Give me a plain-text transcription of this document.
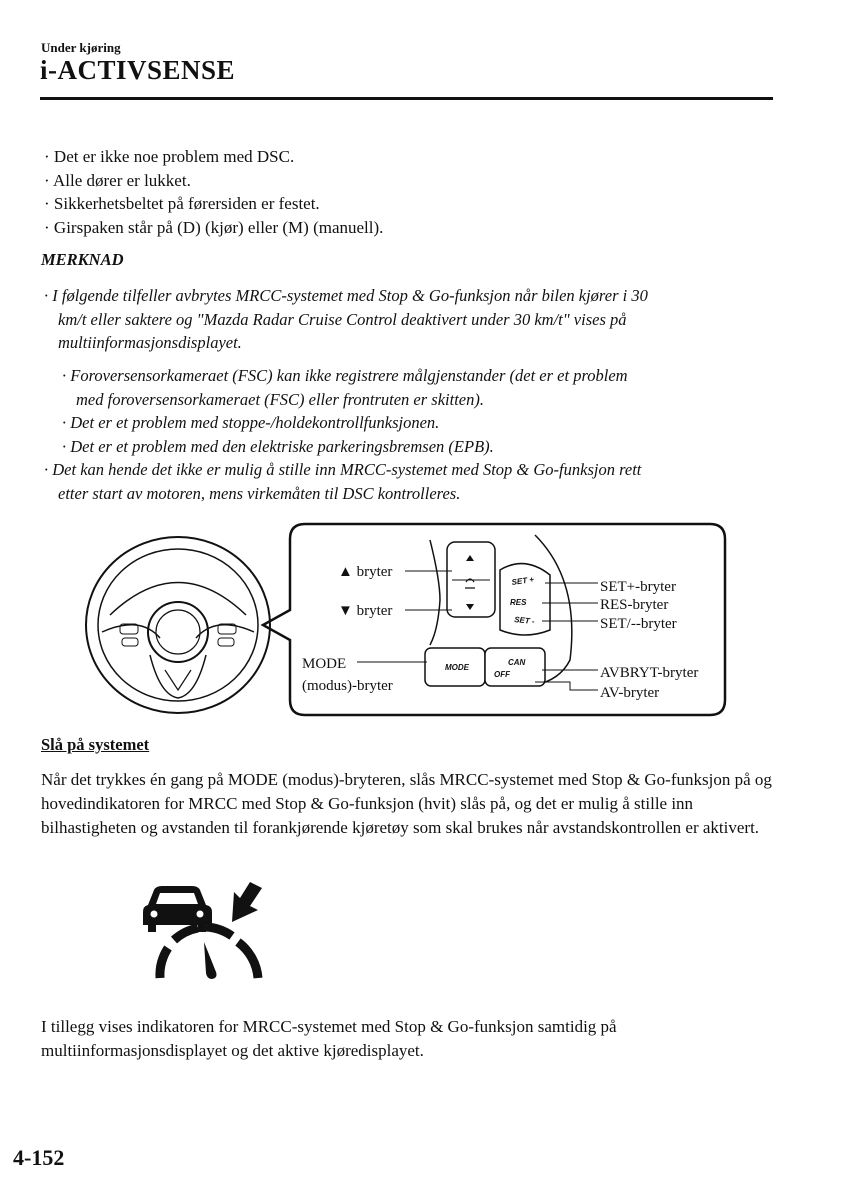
Under kjøring
i-ACTIVSENSE
· Det er ikke noe problem med DSC.
· Alle dører er lukket.
· Sikkerhetsbeltet på førersiden er festet.
· Girspaken står på (D) (kjør) eller (M) (manuell).
MERKNAD
· I følgende tilfeller avbrytes MRCC-systemet med Stop & Go-funksjon når bilen kjører i 30
km/t eller saktere og "Mazda Radar Cruise Control deaktivert under 30 km/t" vises på
multiinformasjonsdisplayet.
· Foroversensorkameraet (FSC) kan ikke registrere målgjenstander (det er et problem
med foroversensorkameraet (FSC) eller frontruten er skitten).
· Det er et problem med stoppe-/holdekontrollfunksjonen.
· Det er et problem med den elektriske parkeringsbremsen (EPB).
· Det kan hende det ikke er mulig å stille inn MRCC-systemet med Stop & Go-funksjon rett
etter start av motoren, mens virkemåten til DSC kontrolleres.
SET +
RES
SET -
MODE
CAN
OFF
▲ bryter
▼ bryter
MODE
(modus)-bryter
SET+-bryter
RES-bryter
SET/--bryter
AVBRYT-bryter
AV-bryter
Slå på systemet
Når det trykkes én gang på MODE (modus)-bryteren, slås MRCC-systemet med Stop & Go-funksjon på og hovedindikatoren for MRCC med Stop & Go-funksjon (hvit) slås på, og det er mulig å stille inn bilhastigheten og avstanden til forankjørende kjøretøy som skal brukes når avstandskontrollen er aktivert.
I tillegg vises indikatoren for MRCC-systemet med Stop & Go-funksjon samtidig på multiinformasjonsdisplayet og det aktive kjøredisplayet.
4-152
